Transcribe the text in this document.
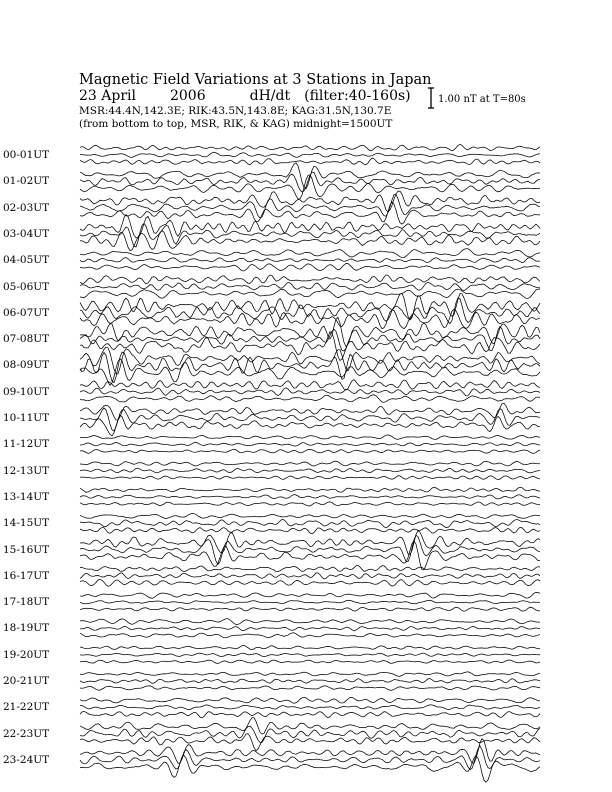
Magnetic Field Variations at 3 Stations in Japan
23 April 2006	dH/dt (filter:40-160s)
MSR:44.4N,142.3E; RIK:43.5N,143.8E; KAG:31.5N,130.7E
(from bottom to top, MSR, RIK, & KAG) midnight=1500UT
1.00 nT at T=80s
00-01UT
01-02UT
02-03UT
03-04UT
04-05UT
05-06UT
06-07UT
07-08UT
08-09UT
09-10UT
10-11UT
11-12UT
12-13UT
13-14UT
14-15UT
15-16UT
16-17UT
17-18UT
18-19UT
19-20UT
20-21UT
21-22UT
22-23UT
23-24UT
